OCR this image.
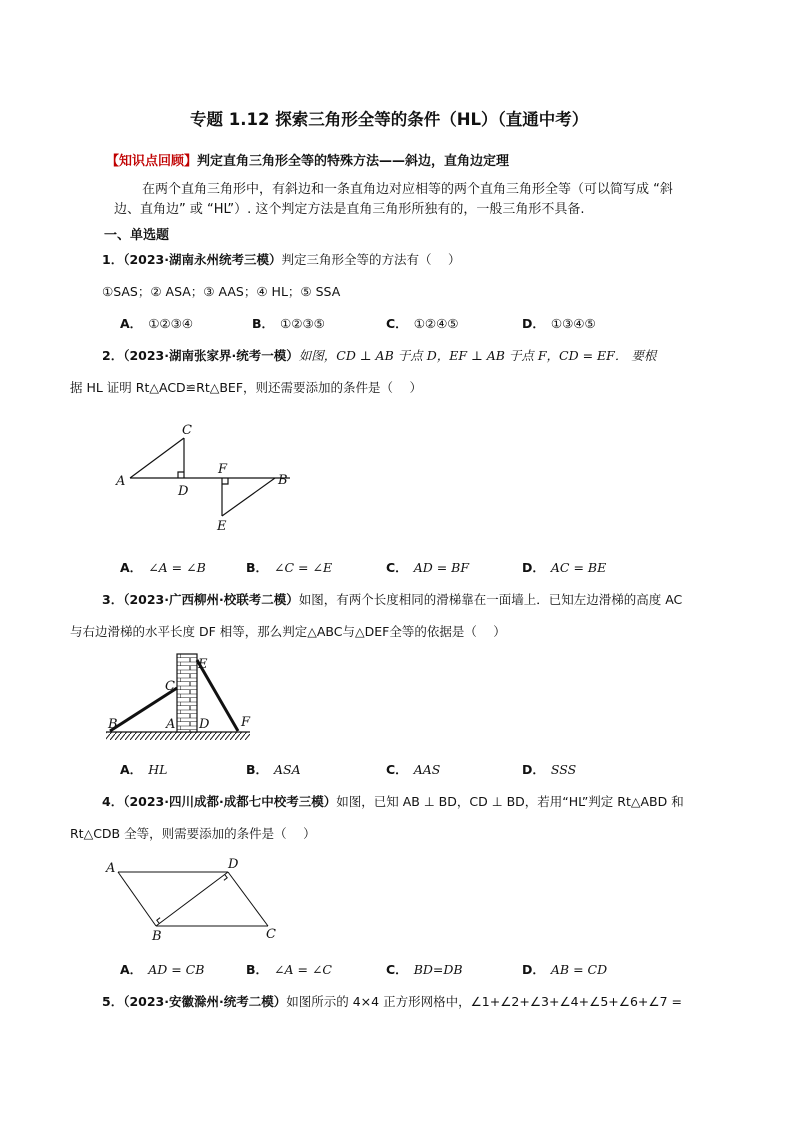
专题 1.12 探索三角形全等的条件（HL）（直通中考）
【知识点回顾】判定直角三角形全等的特殊方法——斜边，直角边定理
在两个直角三角形中，有斜边和一条直角边对应相等的两个直角三角形全等（可以简写成 “斜
边、直角边” 或 “HL”）. 这个判定方法是直角三角形所独有的，一般三角形不具备.
一、单选题
1．（2023·湖南永州统考三模）判定三角形全等的方法有（　 ）
①SAS；② ASA；③ AAS；④ HL；⑤ SSA
A． ①②③④	B． ①②③⑤	C． ①②④⑤	D． ①③④⑤
2．（2023·湖南张家界·统考一模）如图，CD ⊥ AB 于点 D，EF ⊥ AB 于点 F，CD = EF． 要根
据 HL 证明 Rt△ACD≌Rt△BEF，则还需要添加的条件是（　 ）
C
A
D
F
B
E
A． ∠A = ∠B	B． ∠C = ∠E	C． AD = BF	D． AC = BE
3．（2023·广西柳州·校联考二模）如图，有两个长度相同的滑梯靠在一面墙上．已知左边滑梯的高度 AC
与右边滑梯的水平长度 DF 相等，那么判定△ABC与△DEF全等的依据是（　 ）
E
C
B	A D F
A． HL	B． ASA	C． AAS	D． SSS
4．（2023·四川成都·成都七中校考三模）如图，已知 AB ⊥ BD，CD ⊥ BD，若用“HL”判定 Rt△ABD 和
Rt△CDB 全等，则需要添加的条件是（　 ）
A	D
B	C
A． AD = CB	B． ∠A = ∠C	C． BD=DB	D． AB = CD
5．（2023·安徽滁州·统考二模）如图所示的 4×4 正方形网格中，∠1+∠2+∠3+∠4+∠5+∠6+∠7 =
